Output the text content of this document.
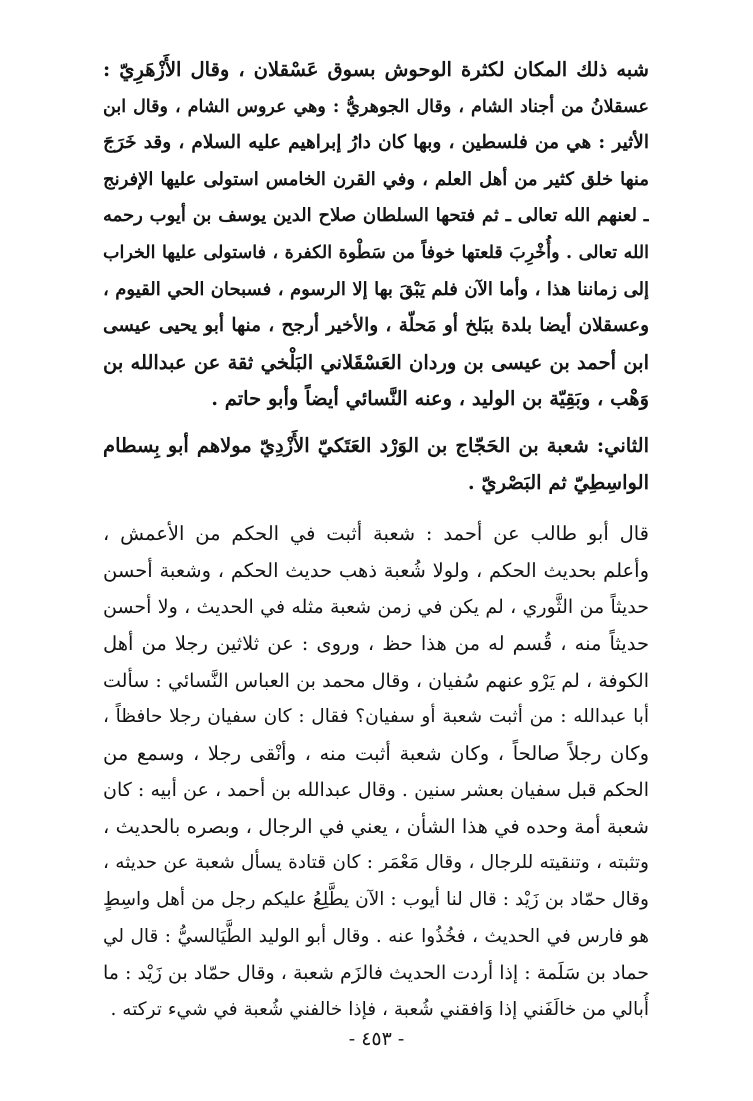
شبه ذلك المكان لكثرة الوحوش بسوق عَسْقلان ، وقال الأَزْهَرِيّ :
عسقلانُ من أجناد الشام ، وقال الجوهريُّ : وهي عروس الشام ، وقال ابن
الأثير : هي من فلسطين ، وبها كان دارُ إبراهيم عليه السلام ، وقد خَرَجَ
منها خلق كثير من أهل العلم ، وفي القرن الخامس استولى عليها الإفرنج
ـ لعنهم الله تعالى ـ ثم فتحها السلطان صلاح الدين يوسف بن أيوب رحمه
الله تعالى . وأُخْرِبَ قلعتها خوفاً من سَطْوة الكفرة ، فاستولى عليها الخراب
إلى زماننا هذا ، وأما الآن فلم يَبْقَ بها إلا الرسوم ، فسبحان الحي القيوم ،
وعسقلان أيضا بلدة ببَلخ أو مَحلّة ، والأخير أرجح ، منها أبو يحيى عيسى
ابن أحمد بن عيسى بن وردان العَسْقَلاني البَلْخي ثقة عن عبدالله بن
وَهْب ، وبَقِيّة بن الوليد ، وعنه النَّسائي أيضاً وأبو حاتم .
الثاني: شعبة بن الحَجّاج بن الوَرْد العَتَكيّ الأَزْدِيّ مولاهم أبو بِسطام
الواسِطِيّ ثم البَصْريّ .
قال أبو طالب عن أحمد : شعبة أثبت في الحكم من الأعمش ،
وأعلم بحديث الحكم ، ولولا شُعبة ذهب حديث الحكم ، وشعبة أحسن
حديثاً من الثَّوري ، لم يكن في زمن شعبة مثله في الحديث ، ولا أحسن
حديثاً منه ، قُسم له من هذا حظ ، وروى : عن ثلاثين رجلا من أهل
الكوفة ، لم يَرْو عنهم سُفيان ، وقال محمد بن العباس النَّسائي : سألت
أبا عبدالله : من أثبت شعبة أو سفيان؟ فقال : كان سفيان رجلا حافظاً ،
وكان رجلاً صالحاً ، وكان شعبة أثبت منه ، وأنْقى رجلا ، وسمع من
الحكم قبل سفيان بعشر سنين . وقال عبدالله بن أحمد ، عن أبيه : كان
شعبة أمة وحده في هذا الشأن ، يعني في الرجال ، وبصره بالحديث ،
وتثبته ، وتنقيته للرجال ، وقال مَعْمَر : كان قتادة يسأل شعبة عن حديثه ،
وقال حمّاد بن زَيْد : قال لنا أيوب : الآن يطَّلِعُ عليكم رجل من أهل واسِطٍ
هو فارس في الحديث ، فخُذُوا عنه . وقال أبو الوليد الطَّيَالسيُّ : قال لي
حماد بن سَلَمة : إذا أردت الحديث فالزَم شعبة ، وقال حمّاد بن زَيْد : ما
أُبالي من خالَفَني إذا وَافقني شُعبة ، فإذا خالفني شُعبة في شيء تركته .
- ٤٥٣ -
